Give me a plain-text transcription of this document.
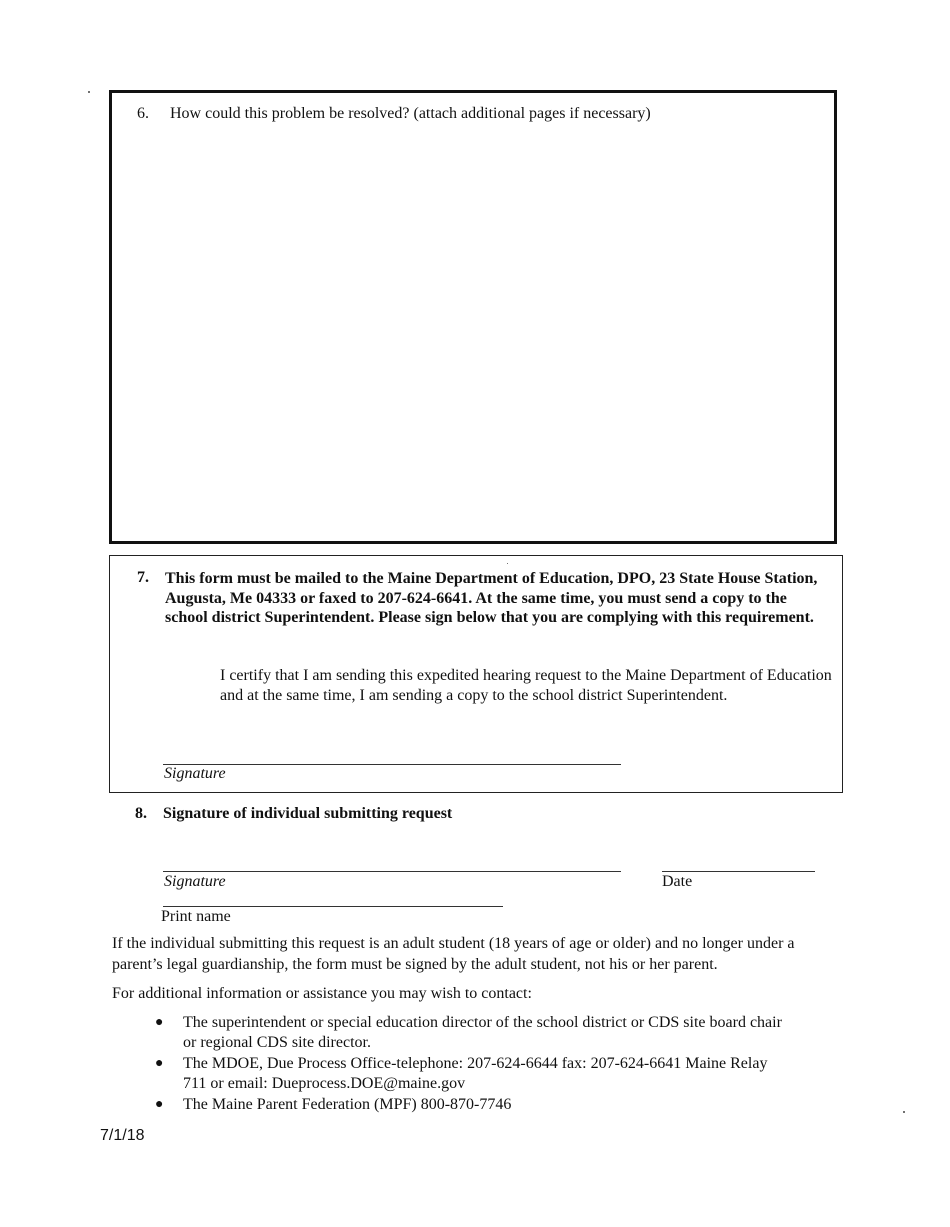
6. How could this problem be resolved? (attach additional pages if necessary)
7. This form must be mailed to the Maine Department of Education, DPO, 23 State House Station, Augusta, Me 04333 or faxed to 207-624-6641. At the same time, you must send a copy to the school district Superintendent. Please sign below that you are complying with this requirement.
I certify that I am sending this expedited hearing request to the Maine Department of Education and at the same time, I am sending a copy to the school district Superintendent.
Signature
8. Signature of individual submitting request
Signature	Date
Print name
If the individual submitting this request is an adult student (18 years of age or older) and no longer under a parent’s legal guardianship, the form must be signed by the adult student, not his or her parent.
For additional information or assistance you may wish to contact:
● The superintendent or special education director of the school district or CDS site board chair or regional CDS site director.
● The MDOE, Due Process Office-telephone: 207-624-6644 fax: 207-624-6641 Maine Relay 711 or email: Dueprocess.DOE@maine.gov
● The Maine Parent Federation (MPF) 800-870-7746
7/1/18
